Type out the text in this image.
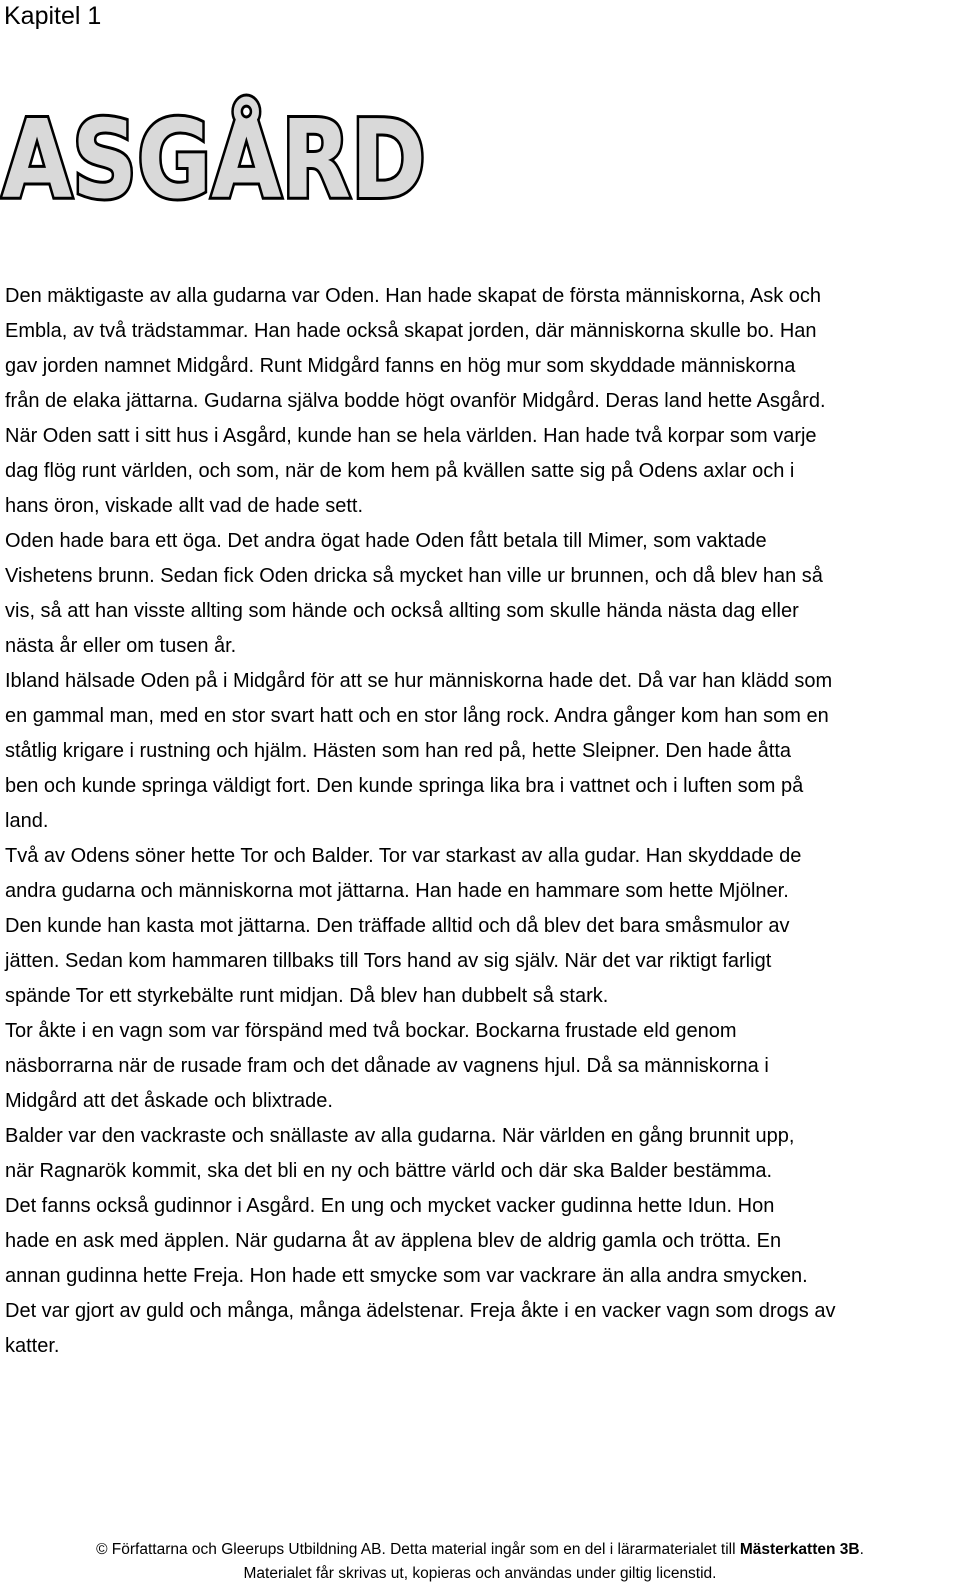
Kapitel 1
ASGÅRD

Den mäktigaste av alla gudarna var Oden. Han hade skapat de första människorna, Ask och

Embla, av två trädstammar. Han hade också skapat jorden, där människorna skulle bo. Han

gav jorden namnet Midgård. Runt Midgård fanns en hög mur som skyddade människorna

från de elaka jättarna. Gudarna själva bodde högt ovanför Midgård. Deras land hette Asgård.

När Oden satt i sitt hus i Asgård, kunde han se hela världen. Han hade två korpar som varje

dag flög runt världen, och som, när de kom hem på kvällen satte sig på Odens axlar och i

hans öron, viskade allt vad de hade sett.

Oden hade bara ett öga. Det andra ögat hade Oden fått betala till Mimer, som vaktade

Vishetens brunn. Sedan fick Oden dricka så mycket han ville ur brunnen, och då blev han så

vis, så att han visste allting som hände och också allting som skulle hända nästa dag eller

nästa år eller om tusen år.

Ibland hälsade Oden på i Midgård för att se hur människorna hade det. Då var han klädd som

en gammal man, med en stor svart hatt och en stor lång rock. Andra gånger kom han som en

ståtlig krigare i rustning och hjälm. Hästen som han red på, hette Sleipner. Den hade åtta

ben och kunde springa väldigt fort. Den kunde springa lika bra i vattnet och i luften som på

land.

Två av Odens söner hette Tor och Balder. Tor var starkast av alla gudar. Han skyddade de

andra gudarna och människorna mot jättarna. Han hade en hammare som hette Mjölner.

Den kunde han kasta mot jättarna. Den träffade alltid och då blev det bara småsmulor av

jätten. Sedan kom hammaren tillbaks till Tors hand av sig själv. När det var riktigt farligt

spände Tor ett styrkebälte runt midjan. Då blev han dubbelt så stark.

Tor åkte i en vagn som var förspänd med två bockar. Bockarna frustade eld genom

näsborrarna när de rusade fram och det dånade av vagnens hjul. Då sa människorna i

Midgård att det åskade och blixtrade.

Balder var den vackraste och snällaste av alla gudarna. När världen en gång brunnit upp,

när Ragnarök kommit, ska det bli en ny och bättre värld och där ska Balder bestämma.

Det fanns också gudinnor i Asgård. En ung och mycket vacker gudinna hette Idun. Hon

hade en ask med äpplen. När gudarna åt av äpplena blev de aldrig gamla och trötta. En

annan gudinna hette Freja. Hon hade ett smycke som var vackrare än alla andra smycken.

Det var gjort av guld och många, många ädelstenar. Freja åkte i en vacker vagn som drogs av

katter.

© Författarna och Gleerups Utbildning AB. Detta material ingår som en del i lärarmaterialet till Mästerkatten 3B.

Materialet får skrivas ut, kopieras och användas under giltig licenstid.
